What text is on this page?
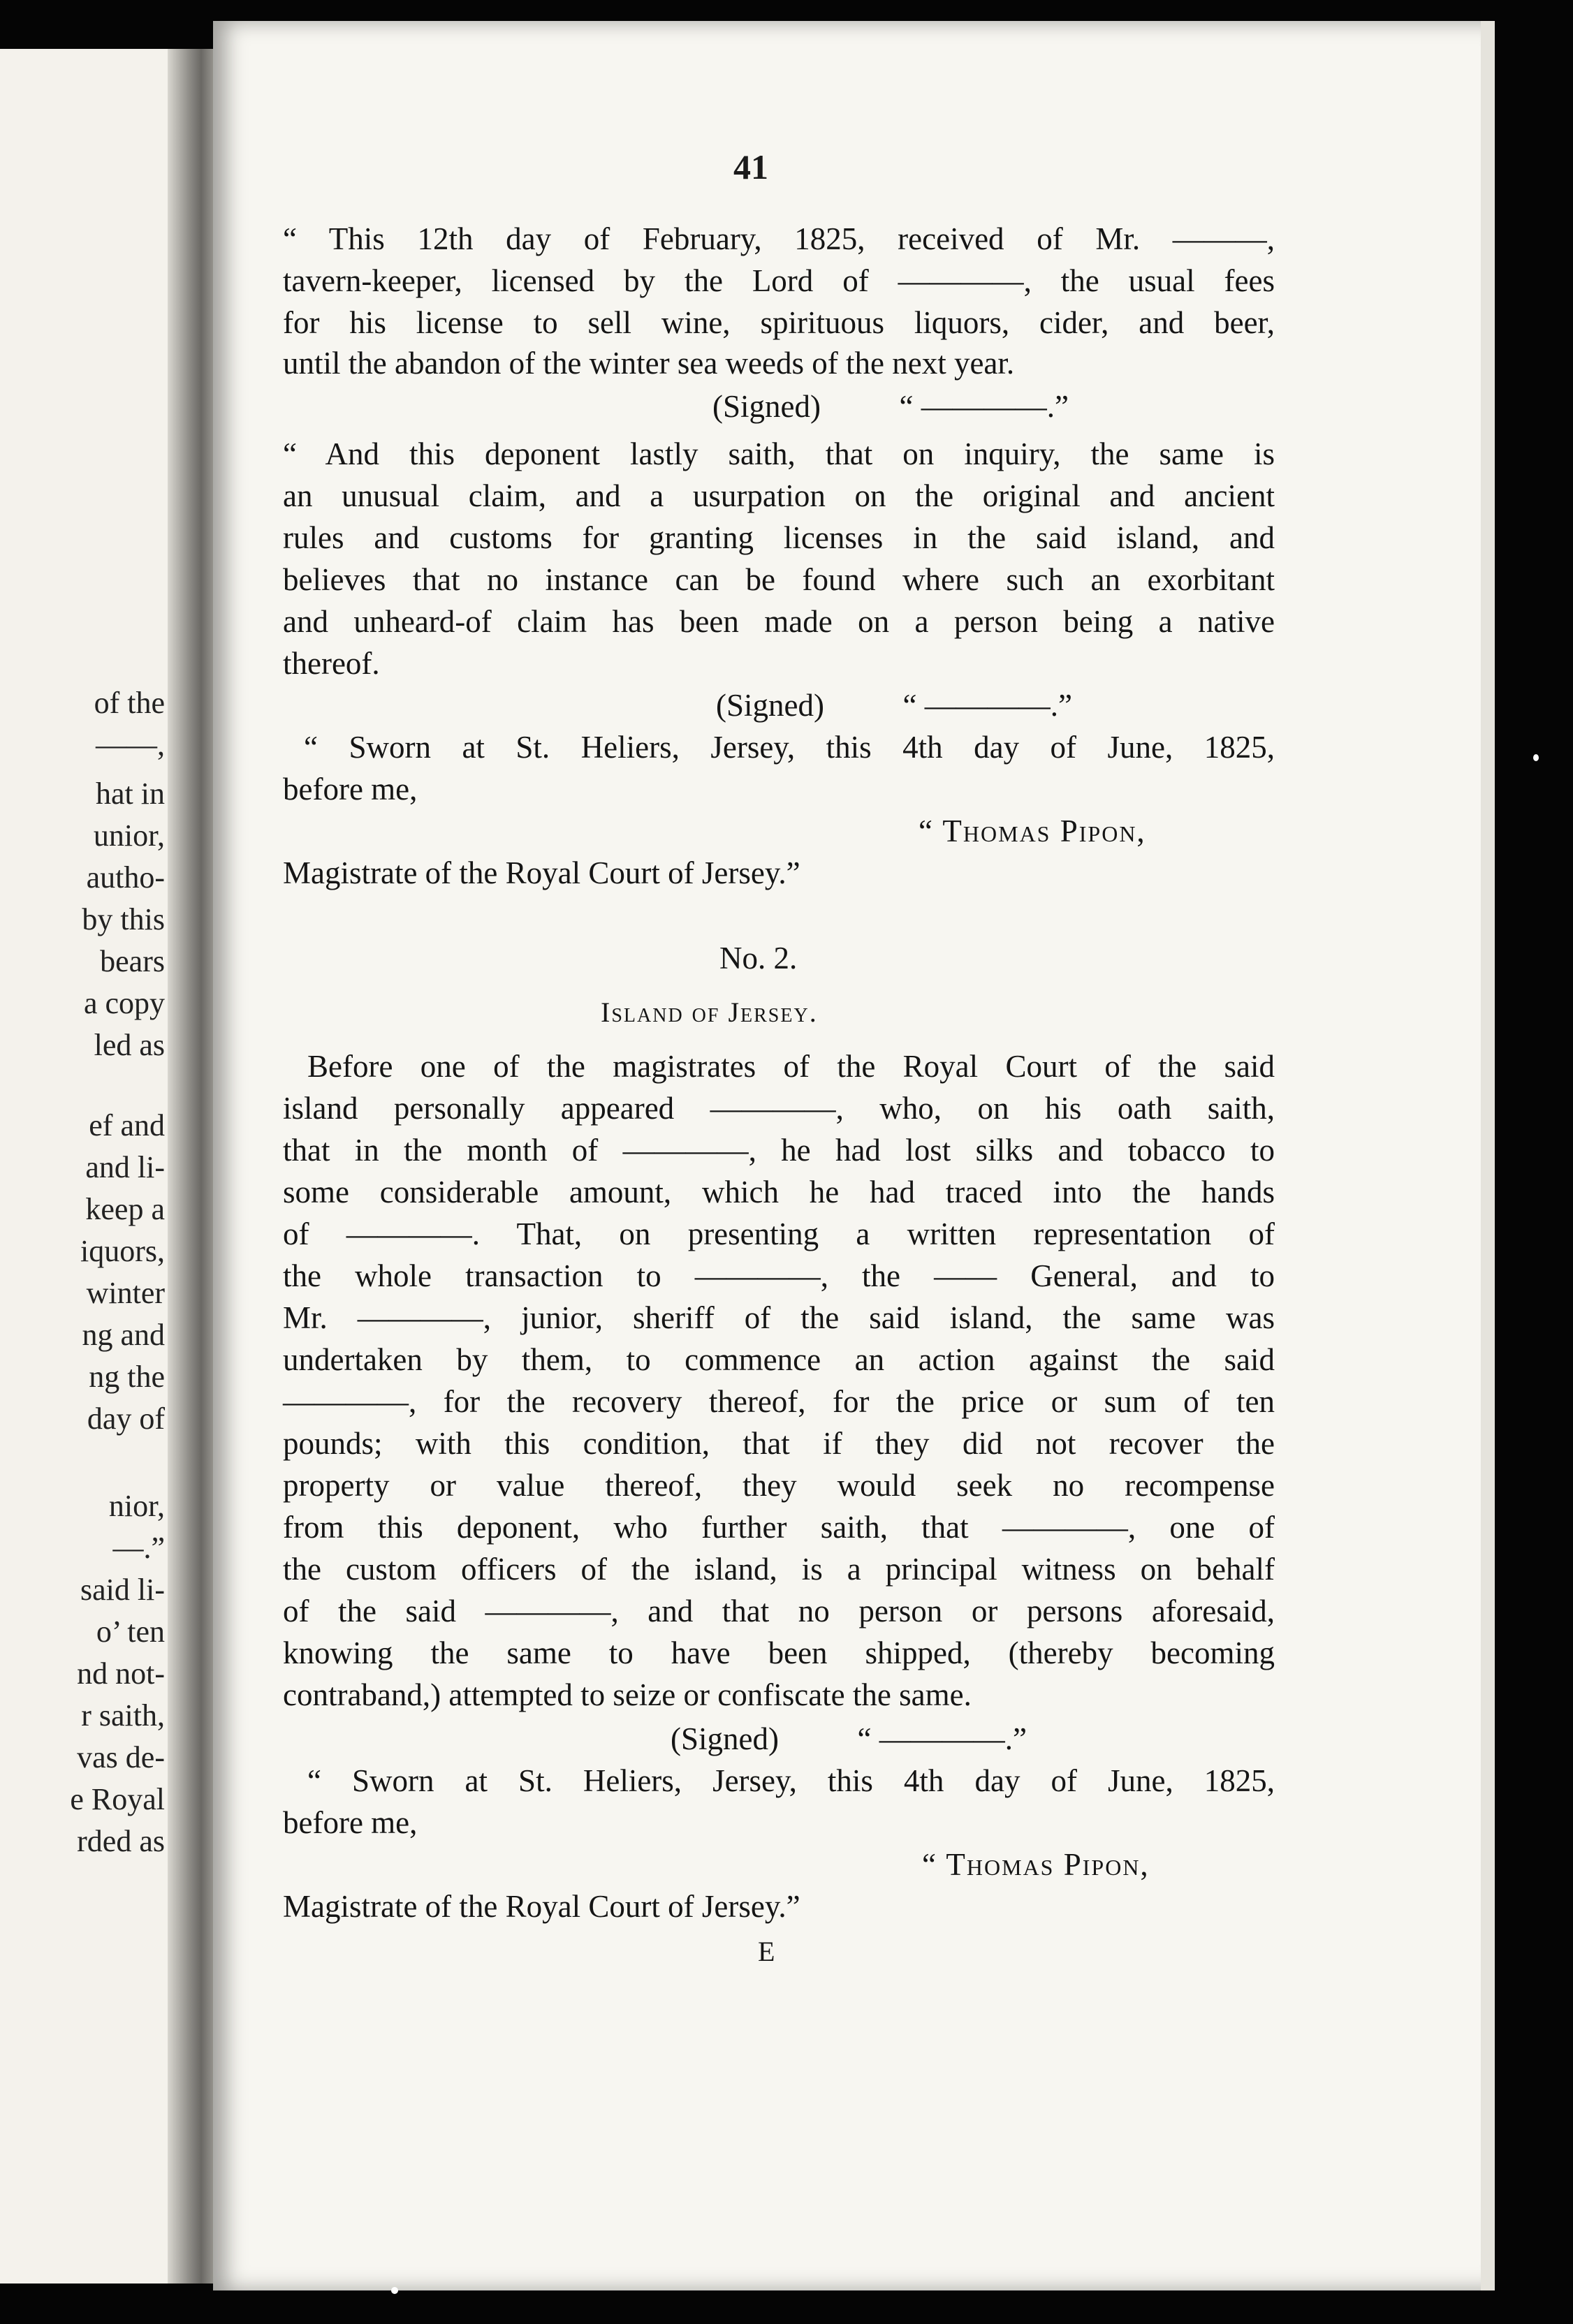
of the
——,
hat in
unior,
autho-
by this
bears
a copy
led as
ef and
and li-
keep a
iquors,
winter
ng and
ng the
day of
nior,
—.”
said li-
o’ ten
nd not-
r saith,
vas de-
e Royal
rded as
41
“ This 12th day of February, 1825, received of Mr. ———,
tavern-keeper, licensed by the Lord of ————, the usual fees
for his license to sell wine, spirituous liquors, cider, and beer,
until the abandon of the winter sea weeds of the next year.
(Signed)          “ ————.”
“ And this deponent lastly saith, that on inquiry, the same is
an unusual claim, and a usurpation on the original and ancient
rules and customs for granting licenses in the said island, and
believes that no instance can be found where such an exorbitant
and unheard-of claim has been made on a person being a native
thereof.
(Signed)          “ ————.”
“ Sworn at St. Heliers, Jersey, this 4th day of June, 1825,
before me,
“ Thomas Pipon,
Magistrate of the Royal Court of Jersey.”
No. 2.
Island of Jersey.
Before one of the magistrates of the Royal Court of the said
island personally appeared ————, who, on his oath saith,
that in the month of ————, he had lost silks and tobacco to
some considerable amount, which he had traced into the hands
of ————. That, on presenting a written representation of
the whole transaction to ————, the —— General, and to
Mr. ————, junior, sheriff of the said island, the same was
undertaken by them, to commence an action against the said
————, for the recovery thereof, for the price or sum of ten
pounds; with this condition, that if they did not recover the
property or value thereof, they would seek no recompense
from this deponent, who further saith, that ————, one of
the custom officers of the island, is a principal witness on behalf
of the said ————, and that no person or persons aforesaid,
knowing the same to have been shipped, (thereby becoming
contraband,) attempted to seize or confiscate the same.
(Signed)          “ ————.”
“ Sworn at St. Heliers, Jersey, this 4th day of June, 1825,
before me,
“ Thomas Pipon,
Magistrate of the Royal Court of Jersey.”
E
